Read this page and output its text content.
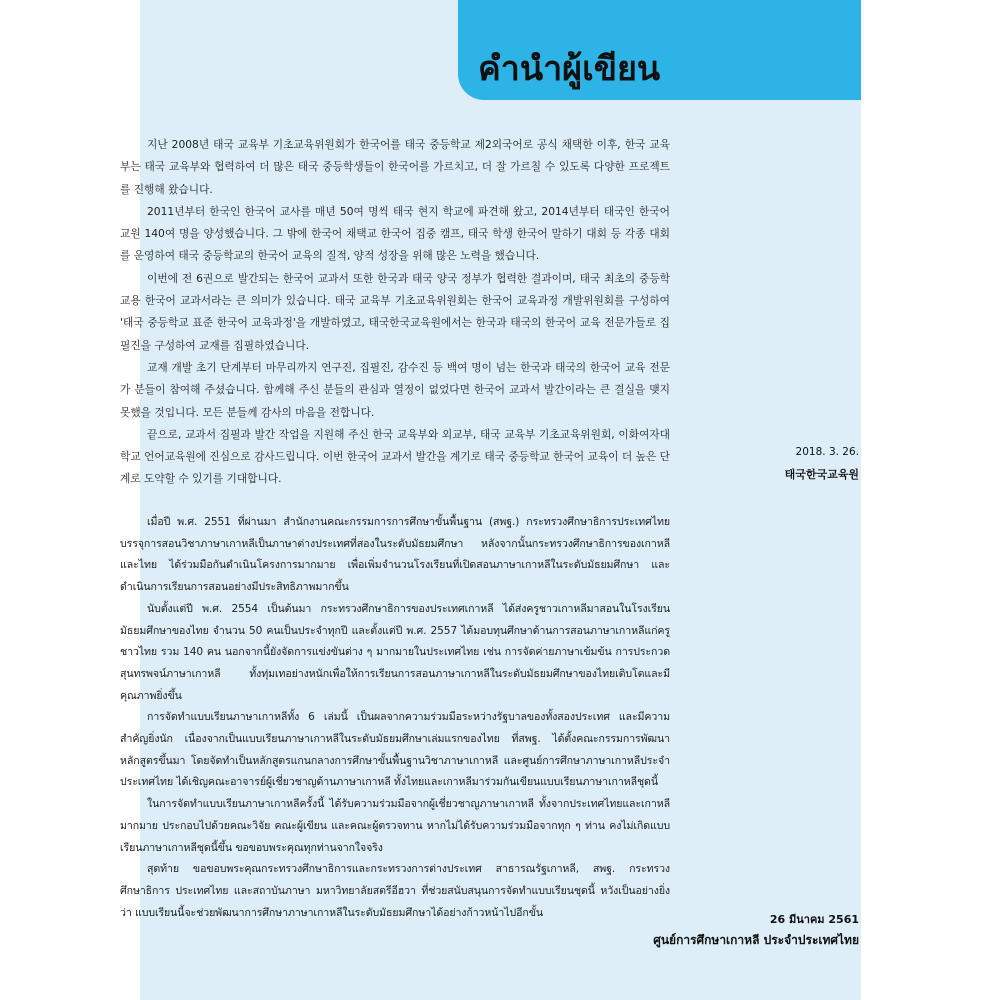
คำนำผู้เขียน

지난 2008년 태국 교육부 기초교육위원회가 한국어를 태국 중등학교 제2외국어로 공식 채택한 이후, 한국 교육부는 태국 교육부와 협력하여 더 많은 태국 중등학생들이 한국어를 가르치고, 더 잘 가르칠 수 있도록 다양한 프로젝트를 진행해 왔습니다.

2011년부터 한국인 한국어 교사를 매년 50여 명씩 태국 현지 학교에 파견해 왔고, 2014년부터 태국인 한국어 교원 140여 명을 양성했습니다. 그 밖에 한국어 채택교 한국어 집중 캠프, 태국 학생 한국어 말하기 대회 등 각종 대회를 운영하여 태국 중등학교의 한국어 교육의 질적, 양적 성장을 위해 많은 노력을 했습니다.

이번에 전 6권으로 발간되는 한국어 교과서 또한 한국과 태국 양국 정부가 협력한 결과이며, 태국 최초의 중등학교용 한국어 교과서라는 큰 의미가 있습니다. 태국 교육부 기초교육위원회는 한국어 교육과정 개발위원회를 구성하여 '태국 중등학교 표준 한국어 교육과정'을 개발하였고, 태국한국교육원에서는 한국과 태국의 한국어 교육 전문가들로 집필진을 구성하여 교재를 집필하였습니다.

교재 개발 초기 단계부터 마무리까지 연구진, 집필진, 감수진 등 백여 명이 넘는 한국과 태국의 한국어 교육 전문가 분들이 참여해 주셨습니다. 함께해 주신 분들의 관심과 열정이 없었다면 한국어 교과서 발간이라는 큰 결실을 맺지 못했을 것입니다. 모든 분들께 감사의 마음을 전합니다.

끝으로, 교과서 집필과 발간 작업을 지원해 주신 한국 교육부와 외교부, 태국 교육부 기초교육위원회, 이화여자대학교 언어교육원에 진심으로 감사드립니다. 이번 한국어 교과서 발간을 계기로 태국 중등학교 한국어 교육이 더 높은 단계로 도약할 수 있기를 기대합니다.

2018. 3. 26.
태국한국교육원

เมื่อปี พ.ศ. 2551 ที่ผ่านมา สำนักงานคณะกรรมการการศึกษาขั้นพื้นฐาน (สพฐ.) กระทรวงศึกษาธิการประเทศไทย บรรจุการสอนวิชาภาษาเกาหลีเป็นภาษาต่างประเทศที่สองในระดับมัธยมศึกษา หลังจากนั้นกระทรวงศึกษาธิการของเกาหลีและไทย ได้ร่วมมือกันดำเนินโครงการมากมาย เพื่อเพิ่มจำนวนโรงเรียนที่เปิดสอนภาษาเกาหลีในระดับมัธยมศึกษา และดำเนินการเรียนการสอนอย่างมีประสิทธิภาพมากขึ้น

นับตั้งแต่ปี พ.ศ. 2554 เป็นต้นมา กระทรวงศึกษาธิการของประเทศเกาหลี ได้ส่งครูชาวเกาหลีมาสอนในโรงเรียนมัธยมศึกษาของไทย จำนวน 50 คนเป็นประจำทุกปี และตั้งแต่ปี พ.ศ. 2557 ได้มอบทุนศึกษาด้านการสอนภาษาเกาหลีแก่ครูชาวไทย รวม 140 คน นอกจากนี้ยังจัดการแข่งขันต่าง ๆ มากมายในประเทศไทย เช่น การจัดค่ายภาษาเข้มข้น การประกวดสุนทรพจน์ภาษาเกาหลี ทั้งทุ่มเทอย่างหนักเพื่อให้การเรียนการสอนภาษาเกาหลีในระดับมัธยมศึกษาของไทยเติบโตและมีคุณภาพยิ่งขึ้น

การจัดทำแบบเรียนภาษาเกาหลีทั้ง 6 เล่มนี้ เป็นผลจากความร่วมมือระหว่างรัฐบาลของทั้งสองประเทศ และมีความสำคัญยิ่งนัก เนื่องจากเป็นแบบเรียนภาษาเกาหลีในระดับมัธยมศึกษาเล่มแรกของไทย ที่สพฐ. ได้ตั้งคณะกรรมการพัฒนาหลักสูตรขึ้นมา โดยจัดทำเป็นหลักสูตรแกนกลางการศึกษาขั้นพื้นฐานวิชาภาษาเกาหลี และศูนย์การศึกษาภาษาเกาหลีประจำประเทศไทย ได้เชิญคณะอาจารย์ผู้เชี่ยวชาญด้านภาษาเกาหลี ทั้งไทยและเกาหลีมาร่วมกันเขียนแบบเรียนภาษาเกาหลีชุดนี้

ในการจัดทำแบบเรียนภาษาเกาหลีครั้งนี้ ได้รับความร่วมมือจากผู้เชี่ยวชาญภาษาเกาหลี ทั้งจากประเทศไทยและเกาหลีมากมาย ประกอบไปด้วยคณะวิจัย คณะผู้เขียน และคณะผู้ตรวจทาน หากไม่ได้รับความร่วมมือจากทุก ๆ ท่าน คงไม่เกิดแบบเรียนภาษาเกาหลีชุดนี้ขึ้น ขอขอบพระคุณทุกท่านจากใจจริง

สุดท้าย ขอขอบพระคุณกระทรวงศึกษาธิการและกระทรวงการต่างประเทศ สาธารณรัฐเกาหลี, สพฐ. กระทรวงศึกษาธิการ ประเทศไทย และสถาบันภาษา มหาวิทยาลัยสตรีอีฮวา ที่ช่วยสนับสนุนการจัดทำแบบเรียนชุดนี้ หวังเป็นอย่างยิ่งว่า แบบเรียนนี้จะช่วยพัฒนาการศึกษาภาษาเกาหลีในระดับมัธยมศึกษาได้อย่างก้าวหน้าไปอีกขั้น

26 มีนาคม 2561
ศูนย์การศึกษาเกาหลี ประจำประเทศไทย
